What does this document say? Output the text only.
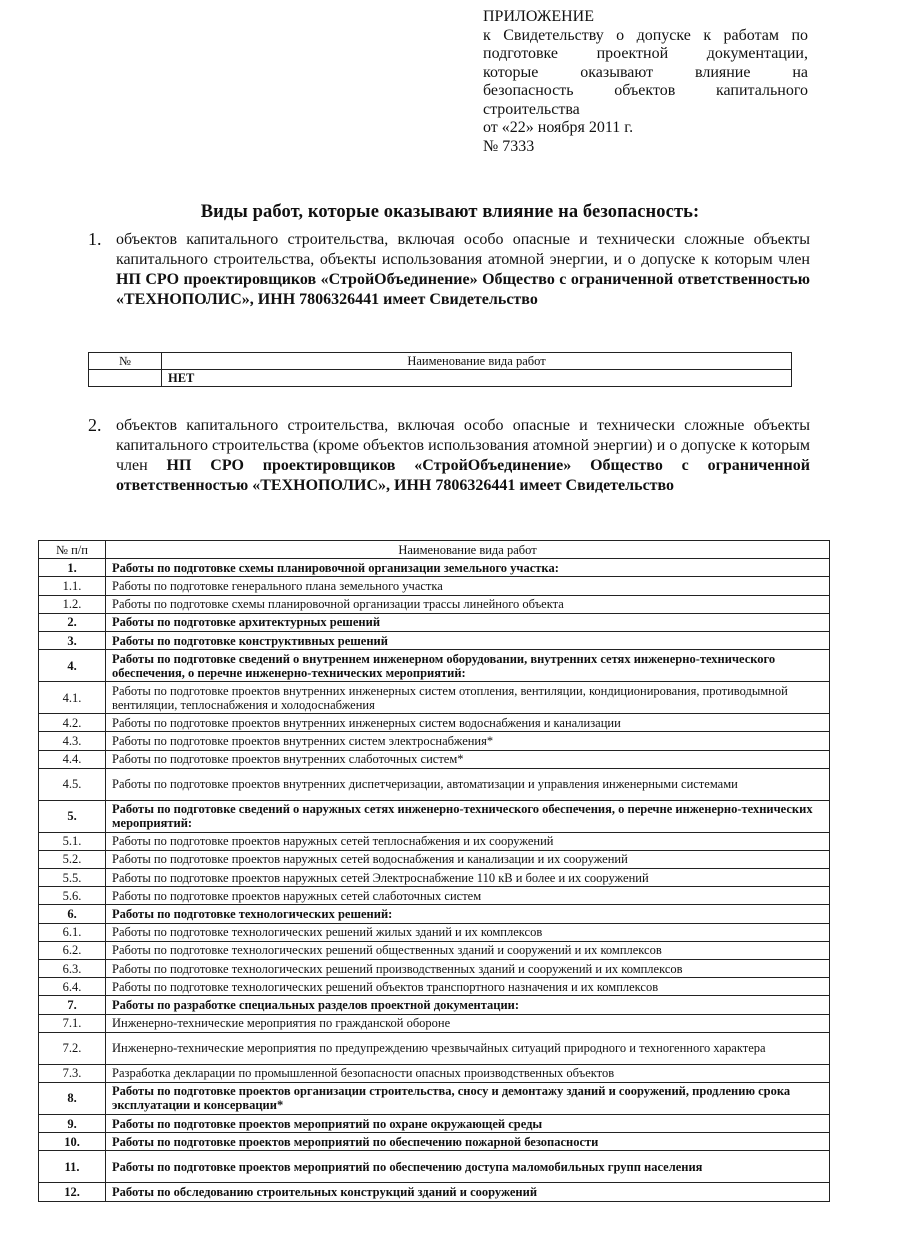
ПРИЛОЖЕНИЕ
к Свидетельству о допуске к работам по
подготовке проектной документации,
которые оказывают влияние на
безопасность объектов капитального
строительства
от «22» ноября 2011 г.
№ 7333
Виды работ, которые оказывают влияние на безопасность:
1. объектов капитального строительства, включая особо опасные и технически сложные объекты капитального строительства, объекты использования атомной энергии, и о допуске к которым член НП СРО проектировщиков «СтройОбъединение» Общество с ограниченной ответственностью «ТЕХНОПОЛИС», ИНН 7806326441 имеет Свидетельство
№	Наименование вида работ
	НЕТ
2. объектов капитального строительства, включая особо опасные и технически сложные объекты капитального строительства (кроме объектов использования атомной энергии) и о допуске к которым член НП СРО проектировщиков «СтройОбъединение» Общество с ограниченной ответственностью «ТЕХНОПОЛИС», ИНН 7806326441 имеет Свидетельство
№ п/п	Наименование вида работ
1.	Работы по подготовке схемы планировочной организации земельного участка:
1.1.	Работы по подготовке генерального плана земельного участка
1.2.	Работы по подготовке схемы планировочной организации трассы линейного объекта
2.	Работы по подготовке архитектурных решений
3.	Работы по подготовке конструктивных решений
4.	Работы по подготовке сведений о внутреннем инженерном оборудовании, внутренних сетях инженерно-технического обеспечения, о перечне инженерно-технических мероприятий:
4.1.	Работы по подготовке проектов внутренних инженерных систем отопления, вентиляции, кондиционирования, противодымной вентиляции, теплоснабжения и холодоснабжения
4.2.	Работы по подготовке проектов внутренних инженерных систем водоснабжения и канализации
4.3.	Работы по подготовке проектов внутренних систем электроснабжения*
4.4.	Работы по подготовке проектов внутренних слаботочных систем*
4.5.	Работы по подготовке проектов внутренних диспетчеризации, автоматизации и управления инженерными системами
5.	Работы по подготовке сведений о наружных сетях инженерно-технического обеспечения, о перечне инженерно-технических мероприятий:
5.1.	Работы по подготовке проектов наружных сетей теплоснабжения и их сооружений
5.2.	Работы по подготовке проектов наружных сетей водоснабжения и канализации и их сооружений
5.5.	Работы по подготовке проектов наружных сетей Электроснабжение 110 кВ и более и их сооружений
5.6.	Работы по подготовке проектов наружных сетей слаботочных систем
6.	Работы по подготовке технологических решений:
6.1.	Работы по подготовке технологических решений жилых зданий и их комплексов
6.2.	Работы по подготовке технологических решений общественных зданий и сооружений и их комплексов
6.3.	Работы по подготовке технологических решений производственных зданий и сооружений и их комплексов
6.4.	Работы по подготовке технологических решений объектов транспортного назначения и их комплексов
7.	Работы по разработке специальных разделов проектной документации:
7.1.	Инженерно-технические мероприятия по гражданской обороне
7.2.	Инженерно-технические мероприятия по предупреждению чрезвычайных ситуаций природного и техногенного характера
7.3.	Разработка декларации по промышленной безопасности опасных производственных объектов
8.	Работы по подготовке проектов организации строительства, сносу и демонтажу зданий и сооружений, продлению срока эксплуатации и консервации*
9.	Работы по подготовке проектов мероприятий по охране окружающей среды
10.	Работы по подготовке проектов мероприятий по обеспечению пожарной безопасности
11.	Работы по подготовке проектов мероприятий по обеспечению доступа маломобильных групп населения
12.	Работы по обследованию строительных конструкций зданий и сооружений
